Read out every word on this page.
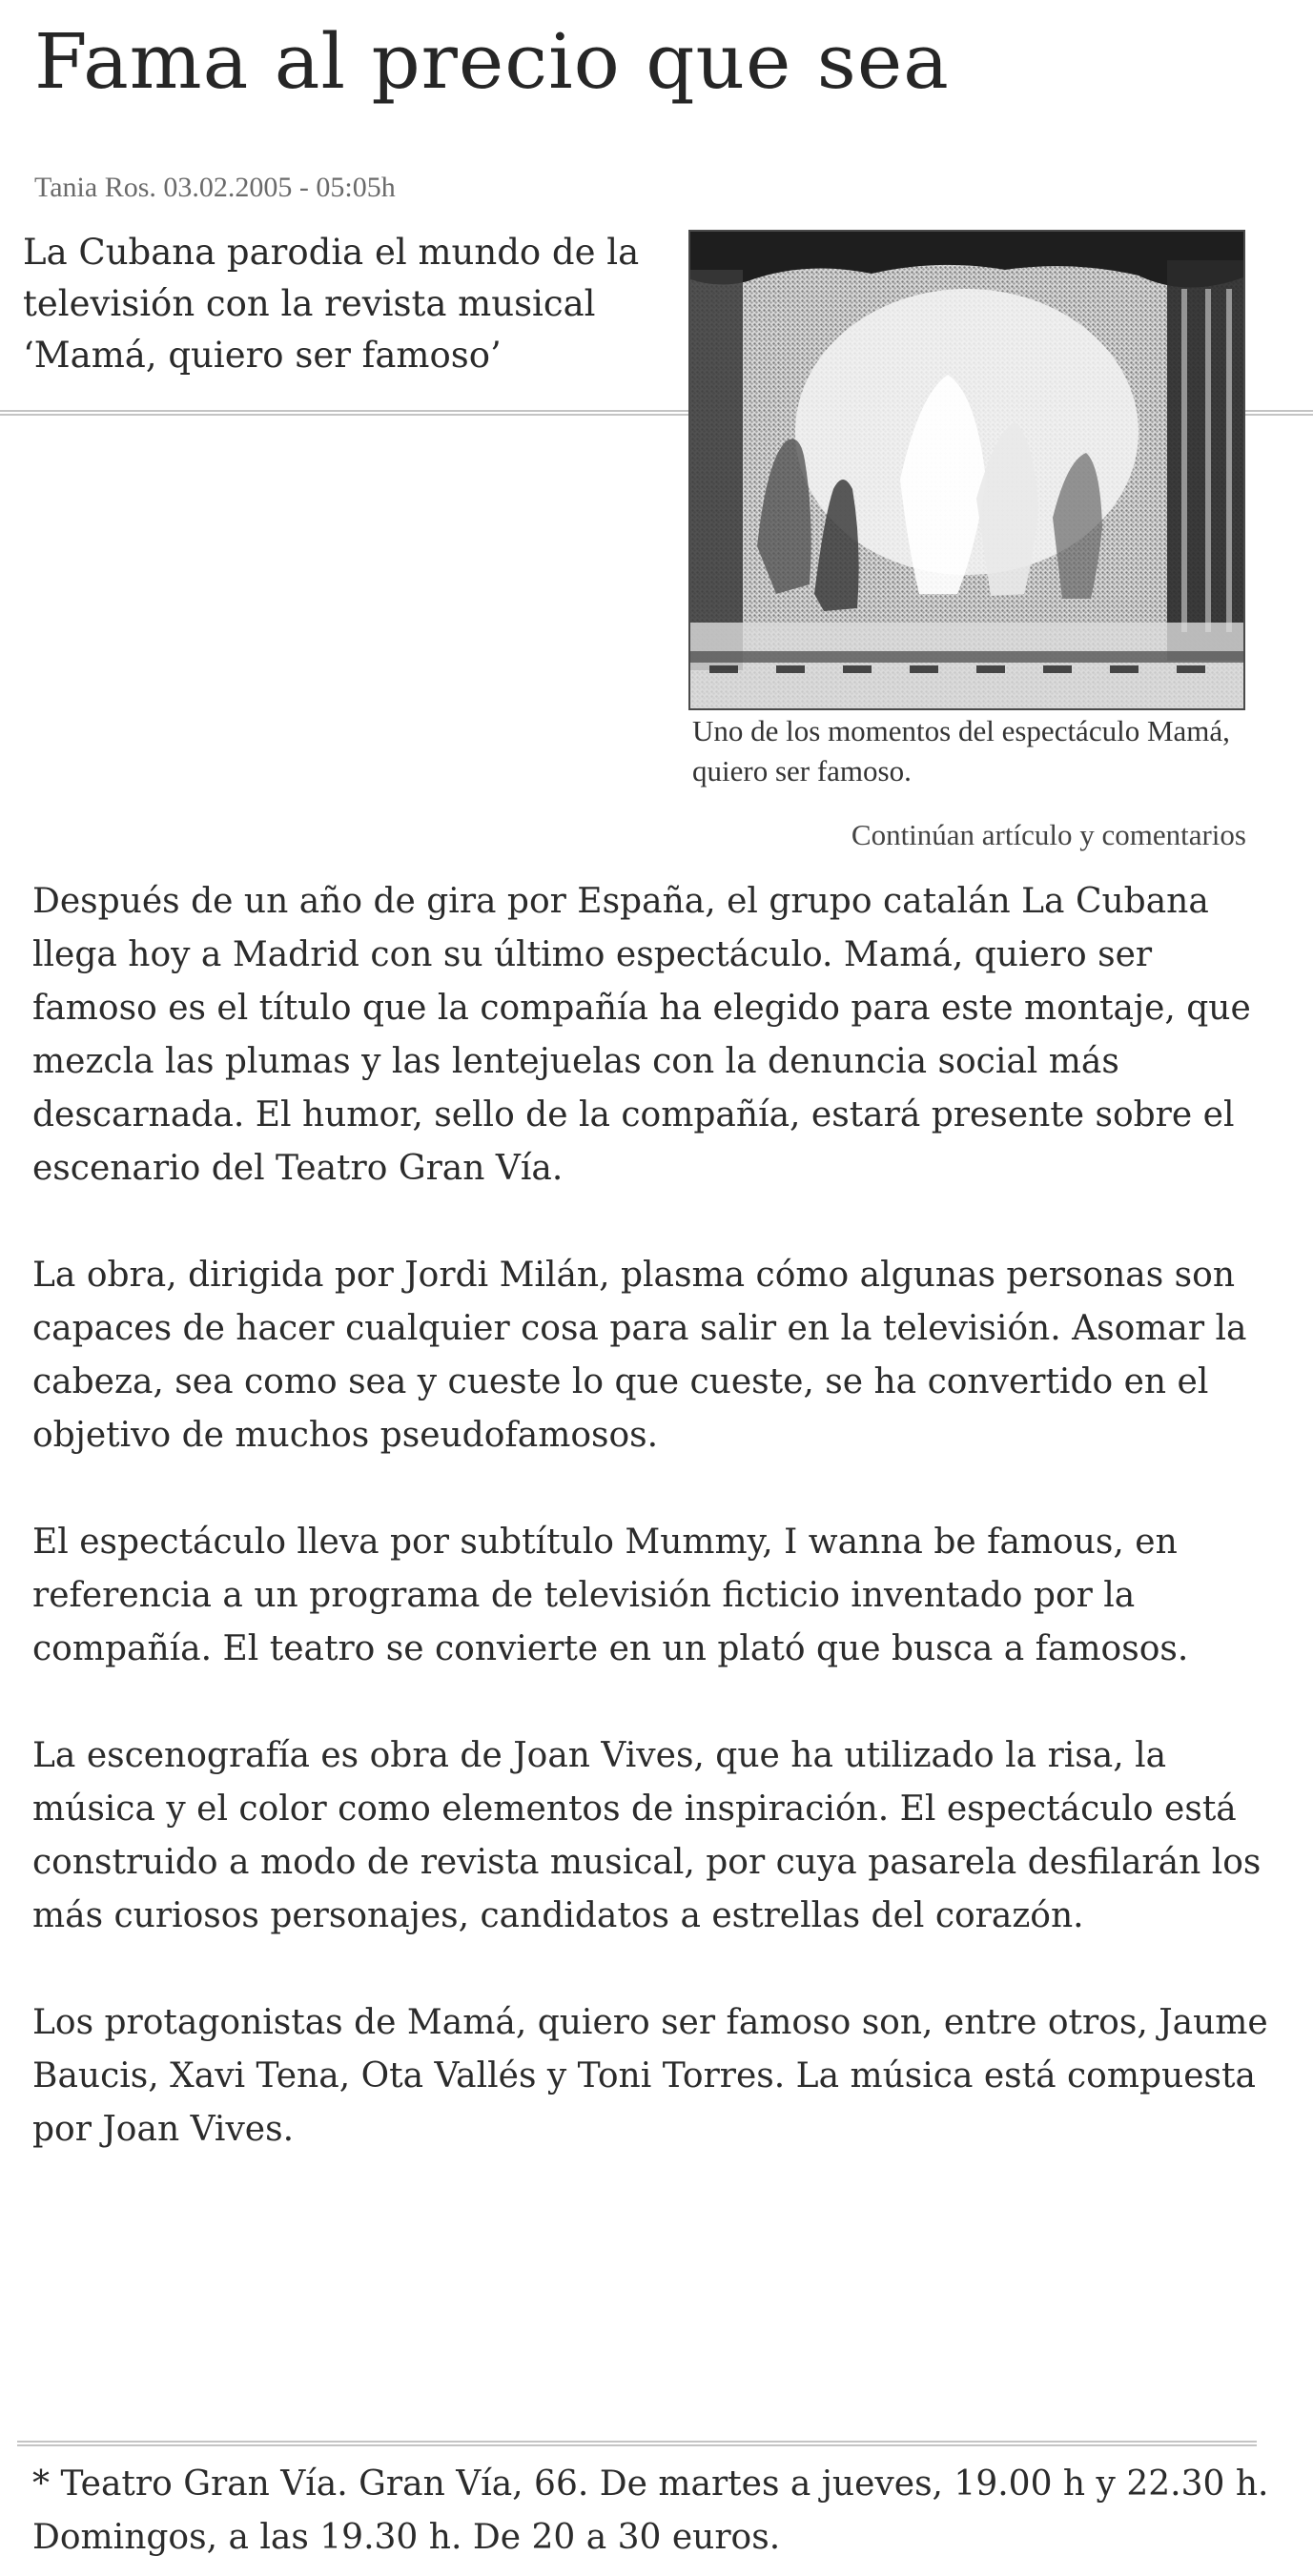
Fama al precio que sea
Tania Ros. 03.02.2005 - 05:05h

La Cubana parodia el mundo de la televisión con la revista musical ‘Mamá, quiero ser famoso’

Uno de los momentos del espectáculo Mamá, quiero ser famoso.

Continúan artículo y comentarios

Después de un año de gira por España, el grupo catalán La Cubana llega hoy a Madrid con su último espectáculo. Mamá, quiero ser famoso es el título que la compañía ha elegido para este montaje, que mezcla las plumas y las lentejuelas con la denuncia social más descarnada. El humor, sello de la compañía, estará presente sobre el escenario del Teatro Gran Vía.

La obra, dirigida por Jordi Milán, plasma cómo algunas personas son capaces de hacer cualquier cosa para salir en la televisión. Asomar la cabeza, sea como sea y cueste lo que cueste, se ha convertido en el objetivo de muchos pseudofamosos.

El espectáculo lleva por subtítulo Mummy, I wanna be famous, en referencia a un programa de televisión ficticio inventado por la compañía. El teatro se convierte en un plató que busca a famosos.

La escenografía es obra de Joan Vives, que ha utilizado la risa, la música y el color como elementos de inspiración. El espectáculo está construido a modo de revista musical, por cuya pasarela desfilarán los más curiosos personajes, candidatos a estrellas del corazón.

Los protagonistas de Mamá, quiero ser famoso son, entre otros, Jaume Baucis, Xavi Tena, Ota Vallés y Toni Torres. La música está compuesta por Joan Vives.

* Teatro Gran Vía. Gran Vía, 66. De martes a jueves, 19.00 h y 22.30 h. Domingos, a las 19.30 h. De 20 a 30 euros.
